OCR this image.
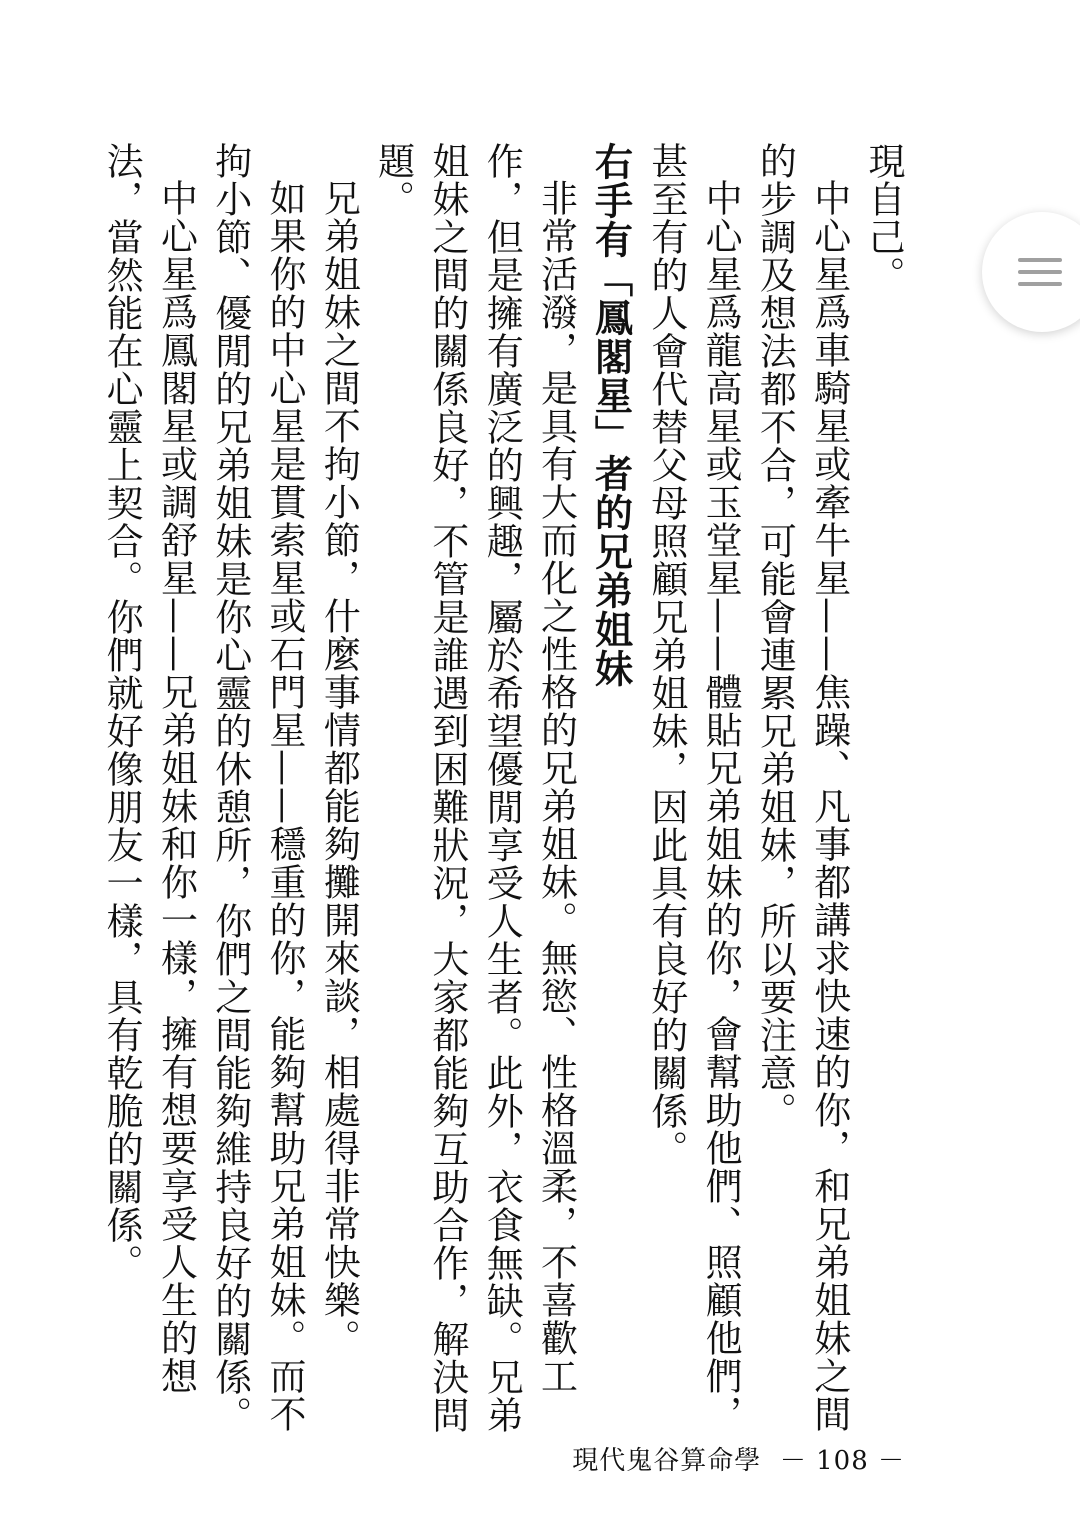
現自己。

中心星爲車騎星或牽牛星——焦躁、凡事都講求快速的你，和兄弟姐妹之間的步調及想法都不合，可能會連累兄弟姐妹，所以要注意。

中心星爲龍高星或玉堂星——體貼兄弟姐妹的你，會幫助他們、照顧他們，甚至有的人會代替父母照顧兄弟姐妹，因此具有良好的關係。

右手有「鳳閣星」者的兄弟姐妹

非常活潑，是具有大而化之性格的兄弟姐妹。無慾、性格溫柔，不喜歡工作，但是擁有廣泛的興趣，屬於希望優閒享受人生者。此外，衣食無缺。兄弟姐妹之間的關係良好，不管是誰遇到困難狀況，大家都能夠互助合作，解決問題。

兄弟姐妹之間不拘小節，什麼事情都能夠攤開來談，相處得非常快樂。

如果你的中心星是貫索星或石門星——穩重的你，能夠幫助兄弟姐妹。而不拘小節、優閒的兄弟姐妹是你心靈的休憩所，你們之間能夠維持良好的關係。

中心星爲鳳閣星或調舒星——兄弟姐妹和你一樣，擁有想要享受人生的想法，當然能在心靈上契合。你們就好像朋友一樣，具有乾脆的關係。

現代鬼谷算命學 － 108 －
